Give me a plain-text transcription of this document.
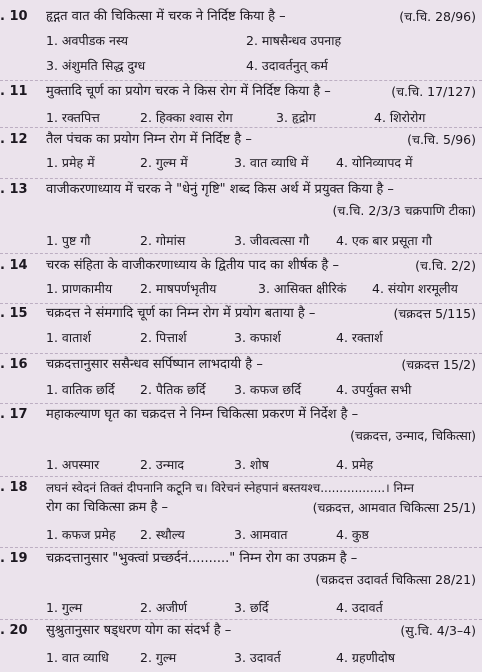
. 10	हृद्गत वात की चिकित्सा में चरक ने निर्दिष्ट किया है –	(च.चि. 28/96)
1. अवपीडक नस्य	2. माषसैन्धव उपनाह
3. अंशुमति सिद्ध दुग्ध	4. उदावर्तनुत् कर्म
. 11	मुक्तादि चूर्ण का प्रयोग चरक ने किस रोग में निर्दिष्ट किया है –	(च.चि. 17/127)
1. रक्तपित्त	2. हिक्का श्वास रोग	3. हृद्रोग	4. शिरोरोग
. 12	तैल पंचक का प्रयोग निम्न रोग में निर्दिष्ट है –	(च.चि. 5/96)
1. प्रमेह में	2. गुल्म में	3. वात व्याधि में 4. योनिव्यापद में
. 13	वाजीकरणाध्याय में चरक ने "धेनुं गृष्टि" शब्द किस अर्थ में प्रयुक्त किया है –
(च.चि. 2/3/3 चक्रपाणि टीका)
1. पुष्ट गौ	2. गोमांस	3. जीवत्वत्सा गौ 4. एक बार प्रसूता गौ
. 14	चरक संहिता के वाजीकरणाध्याय के द्वितीय पाद का शीर्षक है –	(च.चि. 2/2)
1. प्राणकामीय 2. माषपर्णभृतीय	3. आसिक्त क्षीरिकं 4. संयोग शरमूलीय
. 15	चक्रदत्त ने संमगादि चूर्ण का निम्न रोग में प्रयोग बताया है –	(चक्रदत्त 5/115)
1. वातार्श	2. पित्तार्श	3. कफार्श	4. रक्तार्श
. 16	चक्रदत्तानुसार ससैन्धव सर्पिष्पान लाभदायी है –	(चक्रदत्त 15/2)
1. वातिक छर्दि 2. पैतिक छर्दि 3. कफज छर्दि	4. उपर्युक्त सभी
. 17	महाकल्याण घृत का चक्रदत्त ने निम्न चिकित्सा प्रकरण में निर्देश है –
(चक्रदत्त, उन्माद, चिकित्सा)
1. अपस्मार	2. उन्माद	3. शोष	4. प्रमेह
. 18	लघनं स्वेदनं तिक्तं दीपनानि कटूनि च। विरेचनं स्नेहपानं बस्तयश्च.................। निम्न
रोग का चिकित्सा क्रम है –	(चक्रदत्त, आमवात चिकित्सा 25/1)
1. कफज प्रमेह 2. स्थौल्य	3. आमवात	4. कुष्ठ
. 19	चक्रदत्तानुसार "भुक्त्वां प्रच्छर्दनं.........." निम्न रोग का उपक्रम है –
(चक्रदत्त उदावर्त चिकित्सा 28/21)
1. गुल्म	2. अजीर्ण	3. छर्दि	4. उदावर्त
. 20	सुश्रुतानुसार षड्धरण योग का संदर्भ है –	(सु.चि. 4/3–4)
1. वात व्याधि 2. गुल्म	3. उदावर्त	4. ग्रहणीदोष
